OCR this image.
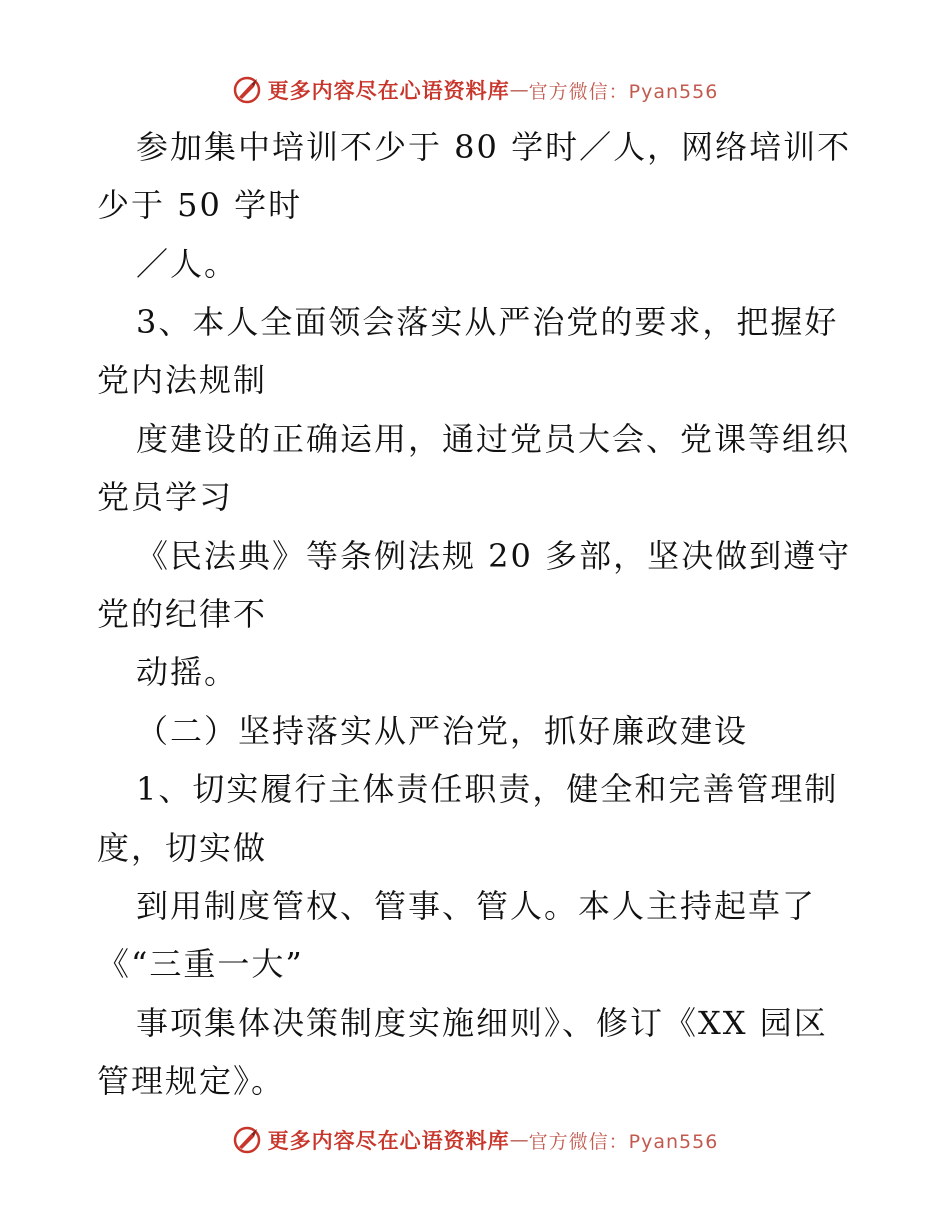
更多内容尽在心语资料库 — 官方微信：Pyan556
参加集中培训不少于 80 学时／人，网络培训不
少于 50 学时
／人。
3、本人全面领会落实从严治党的要求，把握好
党内法规制
度建设的正确运用，通过党员大会、党课等组织
党员学习
《民法典》等条例法规 20 多部，坚决做到遵守
党的纪律不
动摇。
（二）坚持落实从严治党，抓好廉政建设
1、切实履行主体责任职责，健全和完善管理制
度，切实做
到用制度管权、管事、管人。本人主持起草了
《“三重一大”
事项集体决策制度实施细则》、修订《XX 园区
管理规定》。
更多内容尽在心语资料库 — 官方微信：Pyan556
